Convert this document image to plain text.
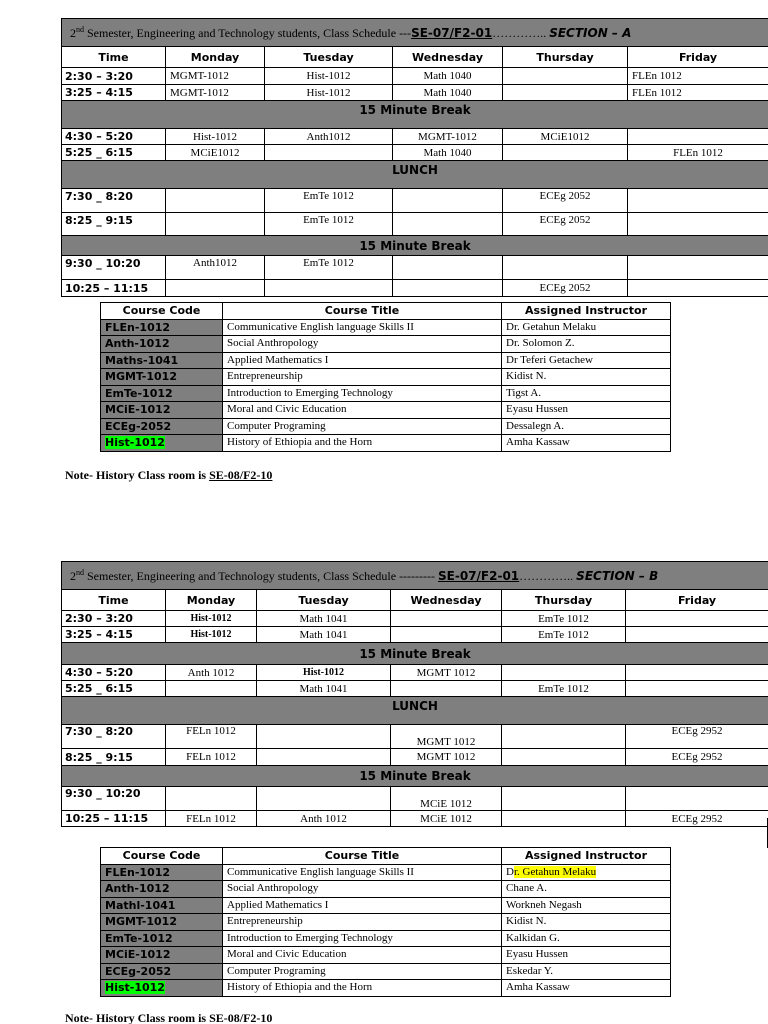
2nd Semester, Engineering and Technology students, Class Schedule ---SE-07/F2-01………….. SECTION – A					
Time	Monday	Tuesday	Wednesday	Thursday	Friday
2:30 – 3:20	MGMT-1012	Hist-1012	Math 1040		FLEn 1012
3:25 – 4:15	MGMT-1012	Hist-1012	Math 1040		FLEn 1012
15 Minute Break					
4:30 – 5:20	Hist-1012	Anth1012	MGMT-1012	MCiE1012	
5:25 _ 6:15	MCiE1012		Math 1040		FLEn 1012
LUNCH					
7:30 _ 8:20		EmTe 1012		ECEg 2052	
8:25 _ 9:15		EmTe 1012		ECEg 2052	
15 Minute Break					
9:30 _ 10:20	Anth1012	EmTe 1012			
10:25 – 11:15				ECEg 2052	
Course Code	Course Title	Assigned Instructor
FLEn-1012	Communicative English language Skills II	Dr. Getahun Melaku
Anth-1012	Social Anthropology	Dr. Solomon Z.
Maths-1041	Applied Mathematics I	Dr Teferi Getachew
MGMT-1012	Entrepreneurship	Kidist N.
EmTe-1012	Introduction to Emerging Technology	Tigst A.
MCiE-1012	Moral and Civic Education	Eyasu Hussen
ECEg-2052	Computer Programing	Dessalegn A.
Hist-1012	History of Ethiopia and the Horn	Amha Kassaw
Note- History Class room is SE-08/F2-10
2nd Semester, Engineering and Technology students, Class Schedule --------- SE-07/F2-01………….. SECTION – B					
Time	Monday	Tuesday	Wednesday	Thursday	Friday
2:30 – 3:20	Hist-1012	Math 1041		EmTe 1012	
3:25 – 4:15	Hist-1012	Math 1041		EmTe 1012	
15 Minute Break					
4:30 – 5:20	Anth 1012	Hist-1012	MGMT 1012		
5:25 _ 6:15		Math 1041		EmTe 1012	
LUNCH					
7:30 _ 8:20	FELn 1012		MGMT 1012		ECEg 2952
8:25 _ 9:15	FELn 1012		MGMT 1012		ECEg 2952
15 Minute Break					
9:30 _ 10:20			MCiE 1012		
10:25 – 11:15	FELn 1012	Anth 1012	MCiE 1012		ECEg 2952
Course Code	Course Title	Assigned Instructor
FLEn-1012	Communicative English language Skills II	Dr. Getahun Melaku
Anth-1012	Social Anthropology	Chane A.
Mathl-1041	Applied Mathematics I	Workneh Negash
MGMT-1012	Entrepreneurship	Kidist N.
EmTe-1012	Introduction to Emerging Technology	Kalkidan G.
MCiE-1012	Moral and Civic Education	Eyasu Hussen
ECEg-2052	Computer Programing	Eskedar Y.
Hist-1012	History of Ethiopia and the Horn	Amha Kassaw
Note- History Class room is SE-08/F2-10
